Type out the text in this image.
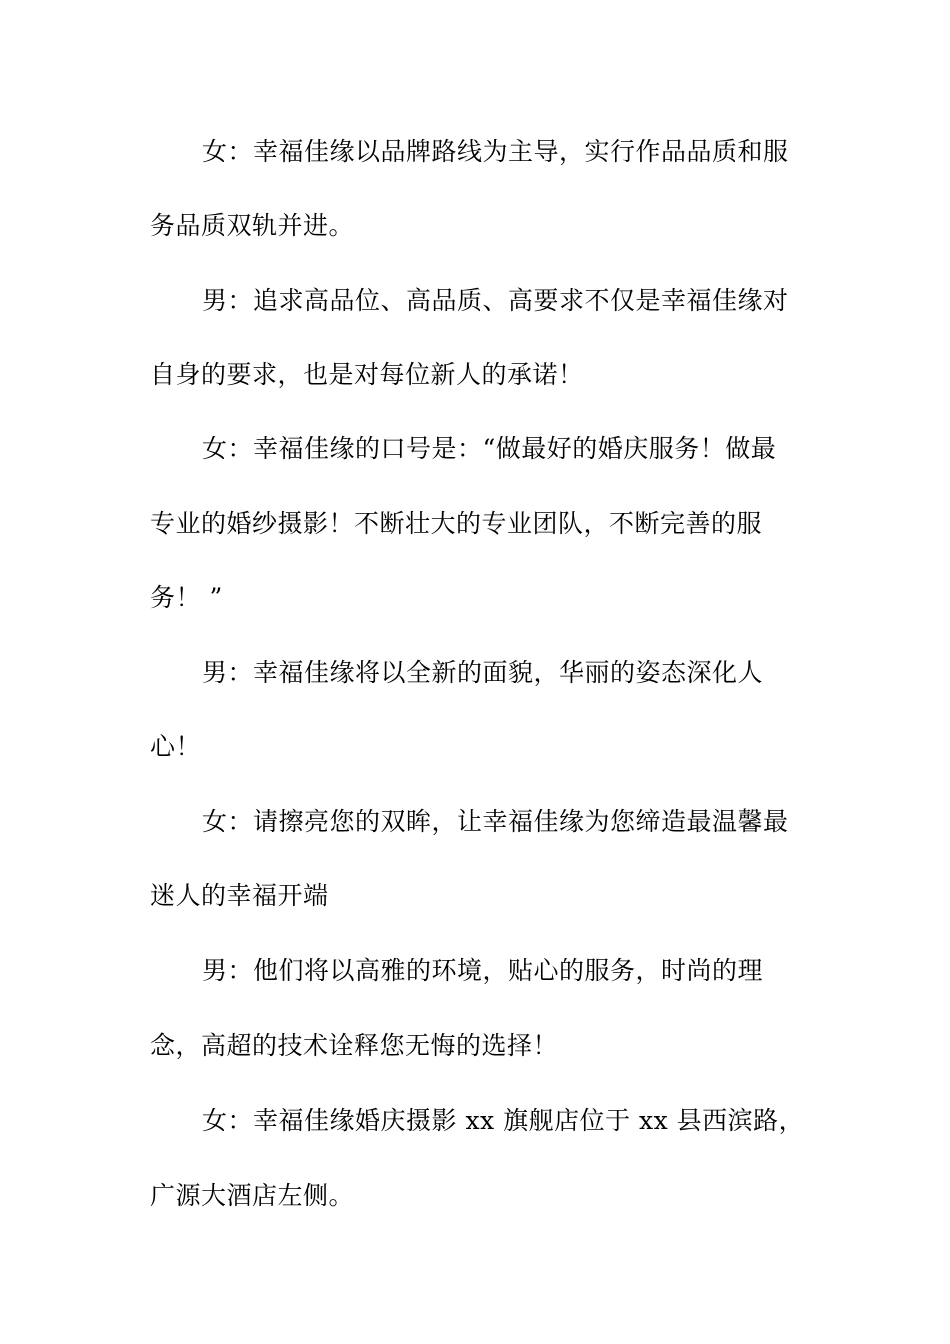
女：幸福佳缘以品牌路线为主导，实行作品品质和服
务品质双轨并进。
男：追求高品位、高品质、高要求不仅是幸福佳缘对
自身的要求，也是对每位新人的承诺！
女：幸福佳缘的口号是：“做最好的婚庆服务！做最
专业的婚纱摄影！不断壮大的专业团队，不断完善的服
务！ ”
男：幸福佳缘将以全新的面貌，华丽的姿态深化人
心！
女：请擦亮您的双眸，让幸福佳缘为您缔造最温馨最
迷人的幸福开端
男：他们将以高雅的环境，贴心的服务，时尚的理
念，高超的技术诠释您无悔的选择！
女：幸福佳缘婚庆摄影 xx 旗舰店位于 xx 县西滨路，
广源大酒店左侧。
